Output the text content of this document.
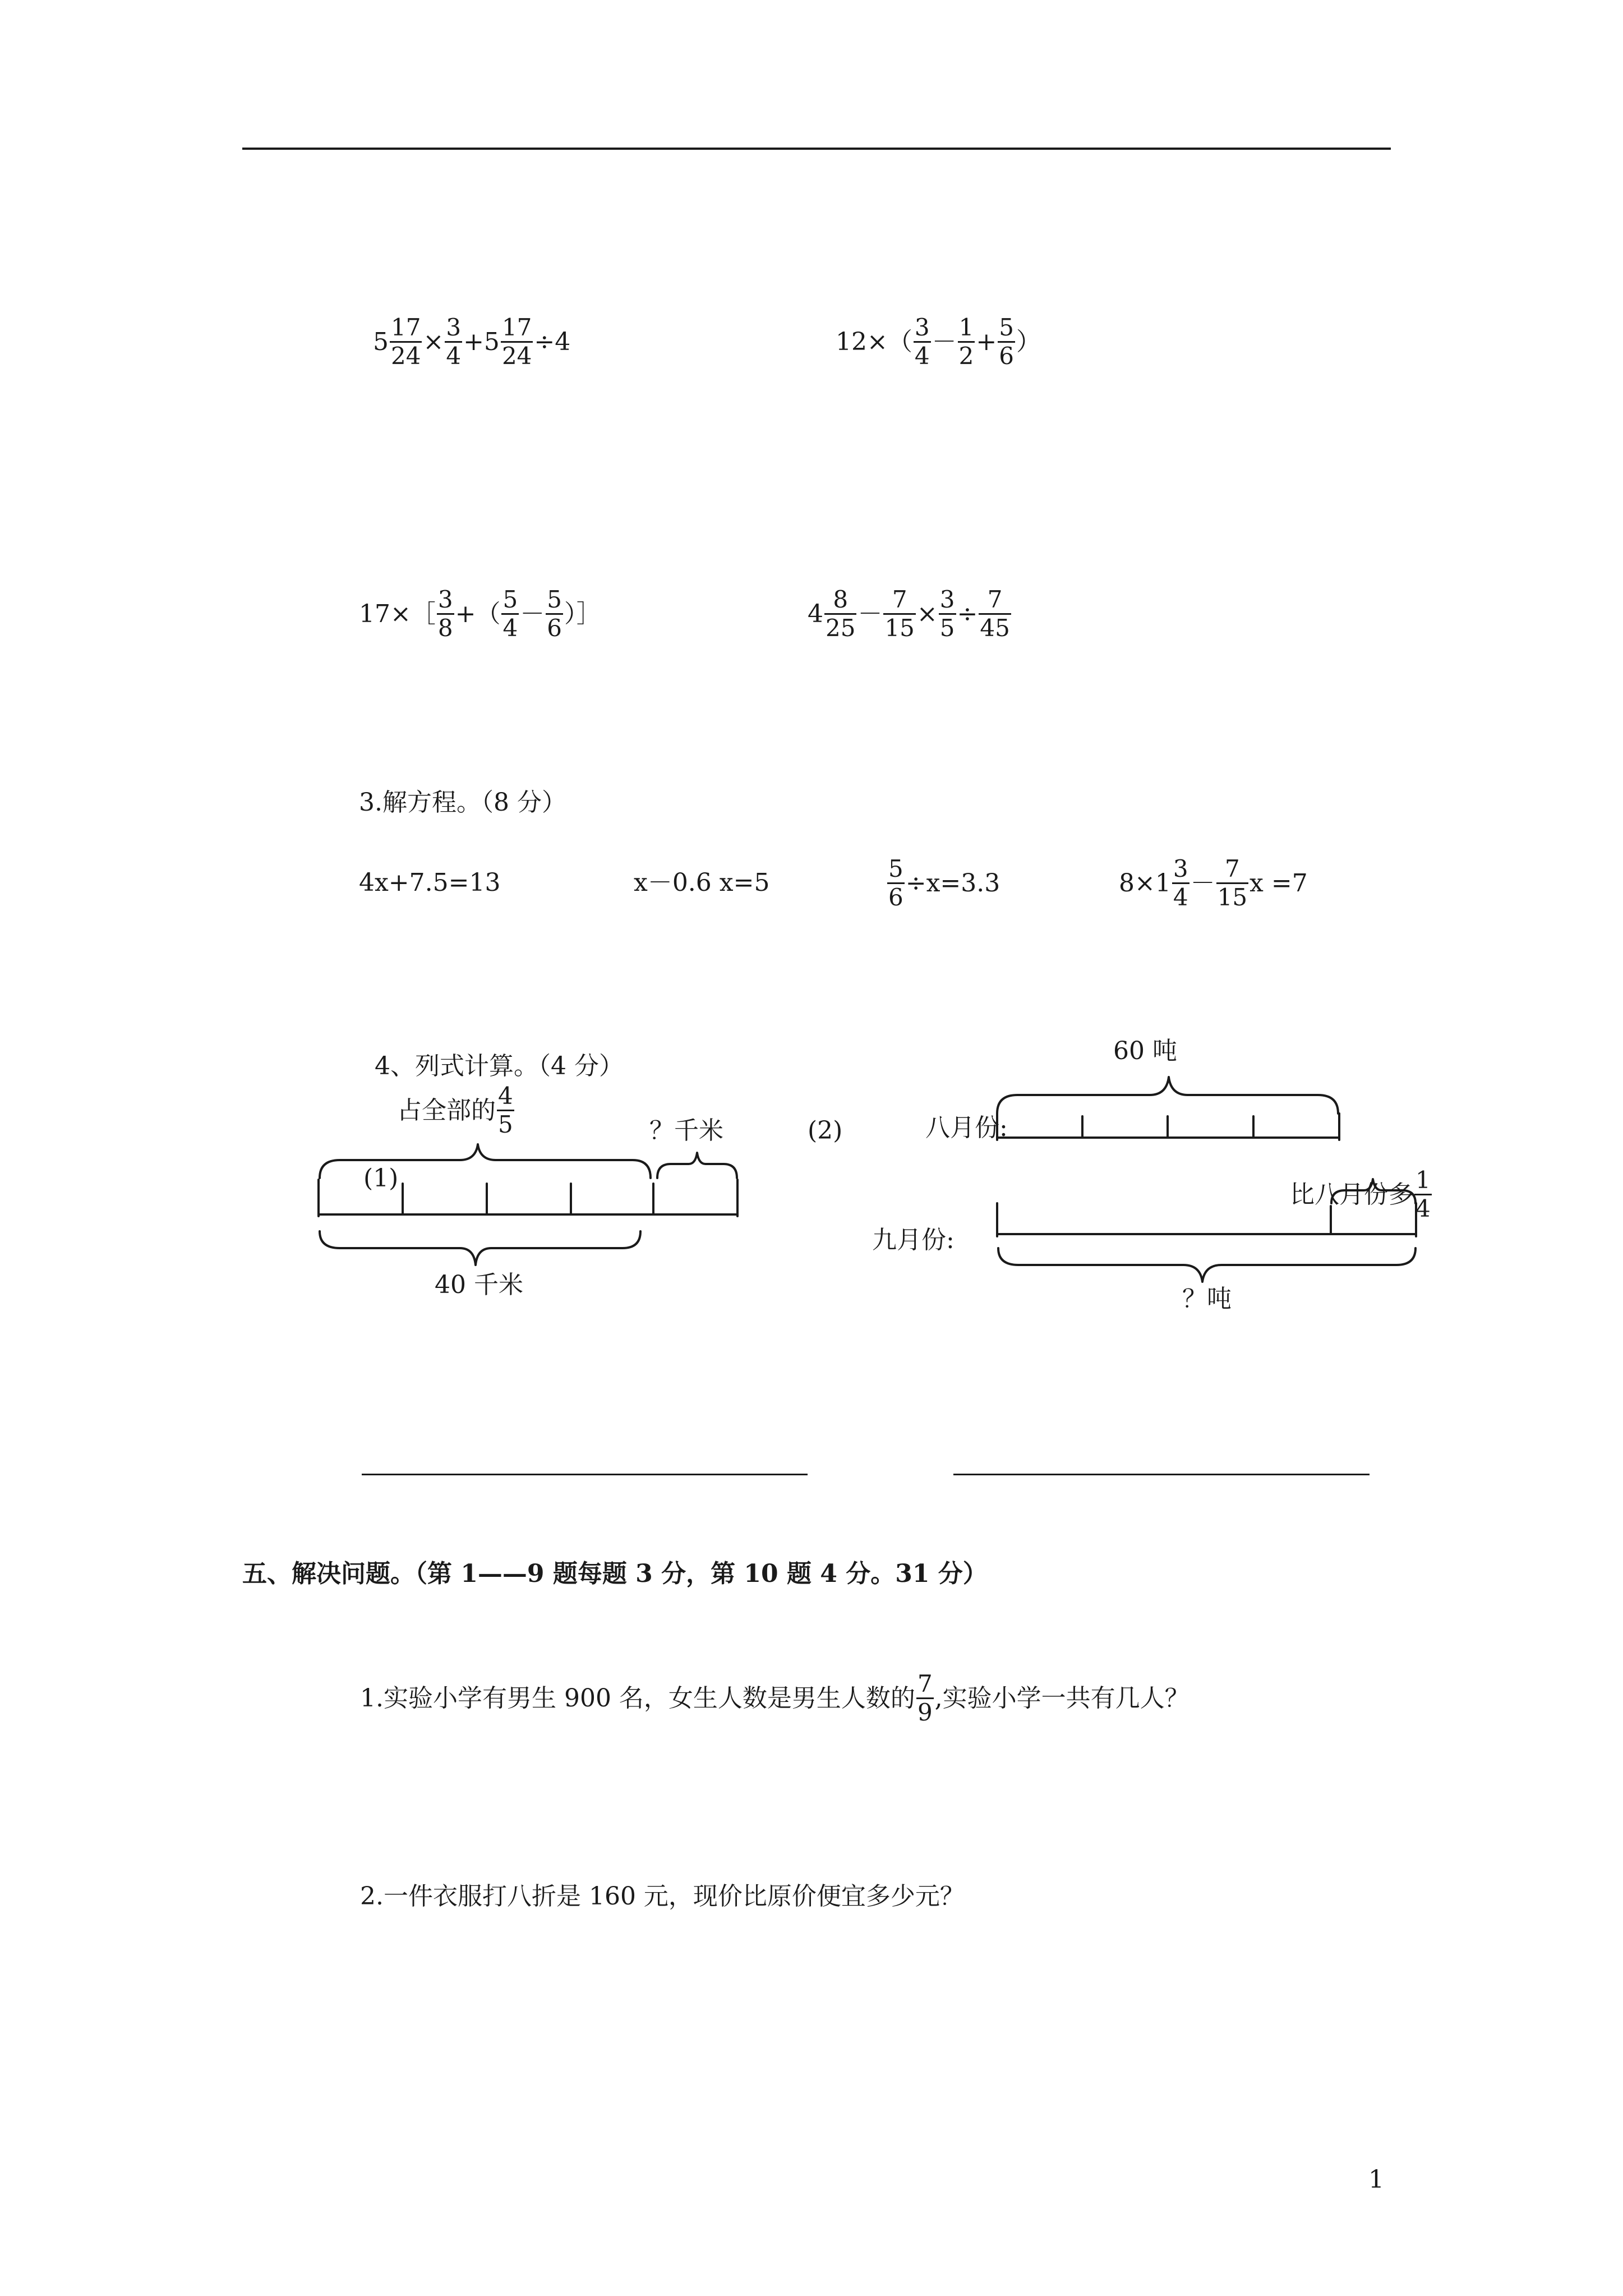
$5 \frac{17}{24} \times \frac{3}{4} +5 \frac{17}{24} \div 4$	$12\times( \frac{3}{4} - \frac{1}{2} + \frac{5}{6}$ ）
17×［ $\frac{3}{8}$ +（ $\frac{5}{4} - \frac{5}{6}$ ）］	$4 \frac{8}{25} - \frac{7}{15} \times \frac{3}{5} \div \frac{7}{45}$
3.解方程。（8 分）
4x+7.5=13	x－0.6 x=5	$\frac{5}{6} \div x=3.3$	$8\times 1 \frac{3}{4} - \frac{7}{15}$ x =7
4、列式计算。（4 分）
占全部的 $\frac{4}{5}$	？千米
(1)
40 千米
(2)
60 吨
八月份:
比八月份多 $\frac{1}{4}$
九月份:
？吨
五、解决问题。（第 1——9 题每题 3 分，第 10 题 4 分。31 分）
1.实验小学有男生 900 名，女生人数是男生人数的 $\frac{7}{9}$ ,实验小学一共有几人？
2.一件衣服打八折是 160 元，现价比原价便宜多少元？
1
